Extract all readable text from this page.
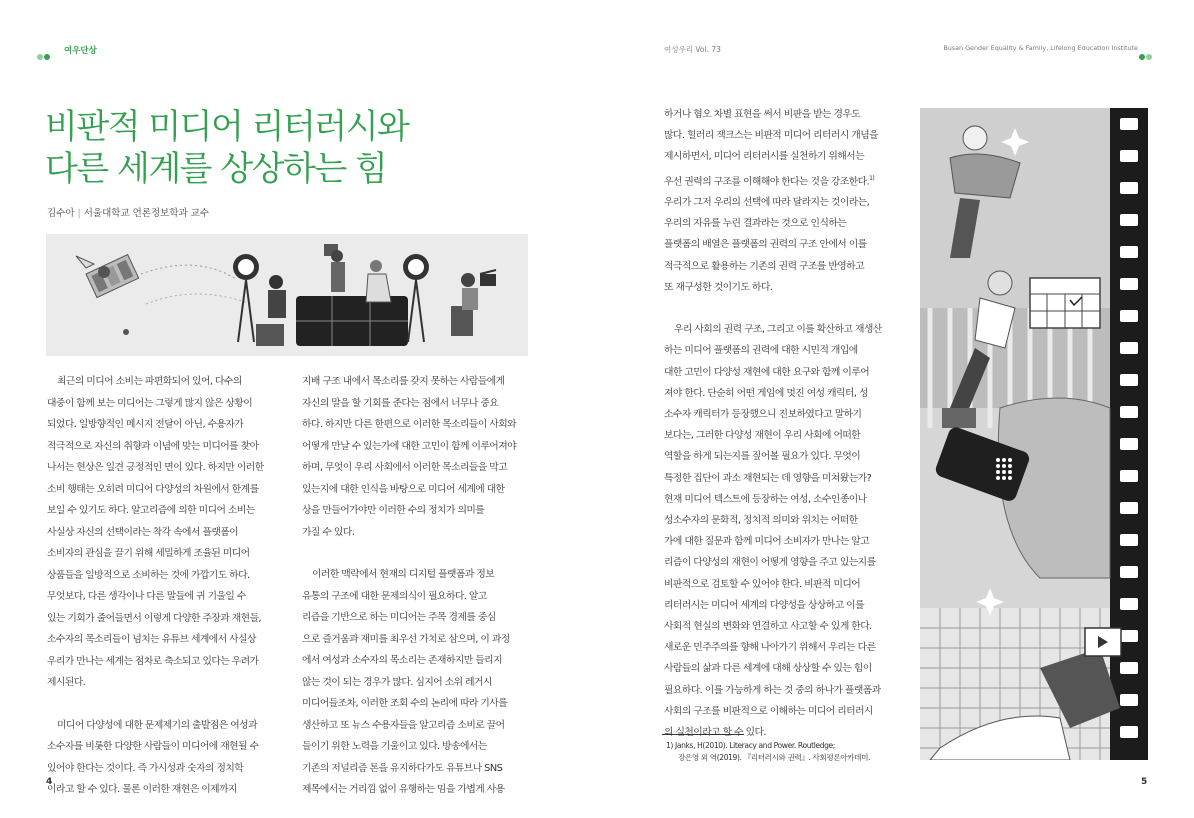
여우단상	여성우리 Vol. 73	Busan Gender Equality & Family, Lifelong Education Institute
비판적 미디어 리터러시와
다른 세계를 상상하는 힘
김수아 | 서울대학교 언론정보학과 교수

최근의 미디어 소비는 파편화되어 있어, 다수의
대중이 함께 보는 미디어는 그렇게 많지 않은 상황이
되었다. 일방향적인 메시지 전달이 아닌, 수용자가
적극적으로 자신의 취향과 이념에 맞는 미디어를 찾아
나서는 현상은 일견 긍정적인 면이 있다. 하지만 이러한
소비 행태는 오히려 미디어 다양성의 차원에서 한계를
보일 수 있기도 하다. 알고리즘에 의한 미디어 소비는
사실상 자신의 선택이라는 착각 속에서 플랫폼이
소비자의 관심을 끌기 위해 세밀하게 조율된 미디어
상품들을 일방적으로 소비하는 것에 가깝기도 하다.
무엇보다, 다른 생각이나 다른 말들에 귀 기울일 수
있는 기회가 줄어들면서 이렇게 다양한 주장과 재현들,
소수자의 목소리들이 넘치는 유튜브 세계에서 사실상
우리가 만나는 세계는 점차로 축소되고 있다는 우려가
제시된다.

미디어 다양성에 대한 문제제기의 출발점은 여성과
소수자를 비롯한 다양한 사람들이 미디어에 재현될 수
있어야 한다는 것이다. 즉 가시성과 숫자의 정치학
이라고 할 수 있다. 물론 이러한 재현은 이제까지

지배 구조 내에서 목소리를 갖지 못하는 사람들에게
자신의 말을 할 기회를 준다는 점에서 너무나 중요
하다. 하지만 다른 한편으로 이러한 목소리들이 사회와
어떻게 만날 수 있는가에 대한 고민이 함께 이루어져야
하며, 무엇이 우리 사회에서 이러한 목소리들을 막고
있는지에 대한 인식을 바탕으로 미디어 세계에 대한
상을 만들어가야만 이러한 수의 정치가 의미를
가질 수 있다.

이러한 맥락에서 현재의 디지털 플랫폼과 정보
유통의 구조에 대한 문제의식이 필요하다. 알고
리즘을 기반으로 하는 미디어는 주목 경제를 중심
으로 즐거움과 재미를 최우선 가치로 삼으며, 이 과정
에서 여성과 소수자의 목소리는 존재하지만 들리지
않는 것이 되는 경우가 많다. 심지어 소위 레거시
미디어들조차, 이러한 조회 수의 논리에 따라 기사를
생산하고 또 뉴스 수용자들을 알고리즘 소비로 끌어
들이기 위한 노력을 기울이고 있다. 방송에서는
기존의 저널리즘 톤을 유지하다가도 유튜브나 SNS
제목에서는 거리낌 없이 유행하는 밈을 가볍게 사용

하거나 혐오 차별 표현을 써서 비판을 받는 경우도
많다. 힐러리 잭크스는 비판적 미디어 리터러시 개념을
제시하면서, 미디어 리터러시를 실천하기 위해서는
우선 권력의 구조를 이해해야 한다는 것을 강조한다.$^{1)}$
우리가 그저 우리의 선택에 따라 달라지는 것이라는,
우리의 자유를 누린 결과라는 것으로 인식하는
플랫폼의 배열은 플랫폼의 권력의 구조 안에서 이를
적극적으로 활용하는 기존의 권력 구조를 반영하고
또 재구성한 것이기도 하다.

우리 사회의 권력 구조, 그리고 이를 확산하고 재생산
하는 미디어 플랫폼의 권력에 대한 시민적 개입에
대한 고민이 다양성 재현에 대한 요구와 함께 이루어
져야 한다. 단순히 어떤 게임에 멋진 여성 캐릭터, 성
소수자 캐릭터가 등장했으니 진보하였다고 말하기
보다는, 그러한 다양성 재현이 우리 사회에 어떠한
역할을 하게 되는지를 짚어볼 필요가 있다. 무엇이
특정한 집단이 과소 재현되는 데 영향을 미쳐왔는가?
현재 미디어 텍스트에 등장하는 여성, 소수인종이나
성소수자의 문화적, 정치적 의미와 위치는 어떠한
가에 대한 질문과 함께 미디어 소비자가 만나는 알고
리즘이 다양성의 재현이 어떻게 영향을 주고 있는지를
비판적으로 검토할 수 있어야 한다. 비판적 미디어
리터러시는 미디어 세계의 다양성을 상상하고 이를
사회적 현실의 변화와 연결하고 사고할 수 있게 한다.
새로운 민주주의를 향해 나아가기 위해서 우리는 다른
사람들의 삶과 다른 세계에 대해 상상할 수 있는 힘이
필요하다. 이를 가능하게 하는 것 중의 하나가 플랫폼과
사회의 구조를 비판적으로 이해하는 미디어 리터러시
의 실천이라고 할 수 있다.

1) Janks, H(2010). Literacy and Power. Routledge;
장은영 외 역(2019). 『리터러시와 권력』. 사회평론아카데미.
4	5
